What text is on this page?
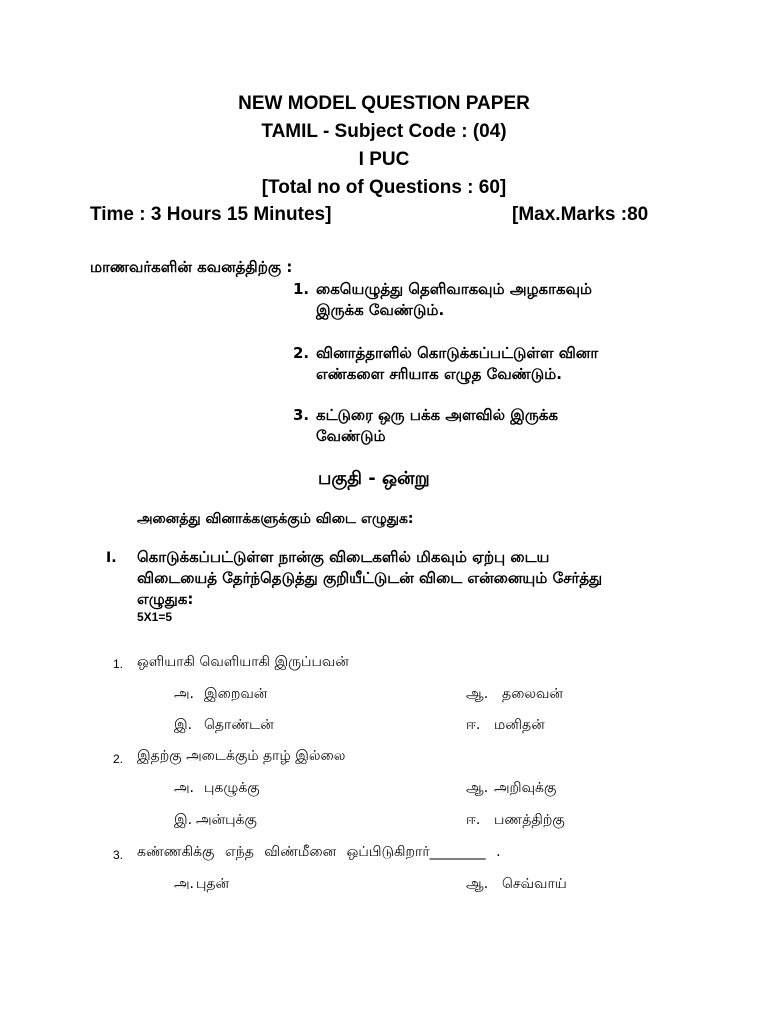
NEW MODEL QUESTION PAPER
TAMIL - Subject Code : (04)
I PUC
[Total no of Questions : 60]
Time : 3 Hours 15 Minutes]	[Max.Marks :80
மாணவர்களின் கவனத்திற்கு :
1. கையெழுத்து தெளிவாகவும் அழகாகவும்
இருக்க வேண்டும்.
2. வினாத்தாளில் கொடுக்கப்பட்டுள்ள வினா
எண்களை சரியாக எழுத வேண்டும்.
3. கட்டுரை ஒரு பக்க அளவில் இருக்க
வேண்டும்
பகுதி - ஒன்று
அனைத்து வினாக்களுக்கும் விடை எழுதுக:
I. கொடுக்கப்பட்டுள்ள நான்கு விடைகளில் மிகவும் ஏற்பு டைய
விடையைத் தேர்ந்தெடுத்து குறியீட்டுடன் விடை என்னையும் சேர்த்து
எழுதுக:
5X1=5
1. ஒளியாகி வெளியாகி இருப்பவன்
அ. இறைவன்	ஆ. தலைவன்
இ. தொண்டன்	ஈ. மனிதன்
2. இதற்கு அடைக்கும் தாழ் இல்லை
அ. புகழுக்கு	ஆ. அறிவுக்கு
இ. அன்புக்கு	ஈ. பணத்திற்கு
3. கண்ணகிக்கு எந்த விண்மீனை ஒப்பிடுகிறார்________ .
அ. புதன்	ஆ. செவ்வாய்
